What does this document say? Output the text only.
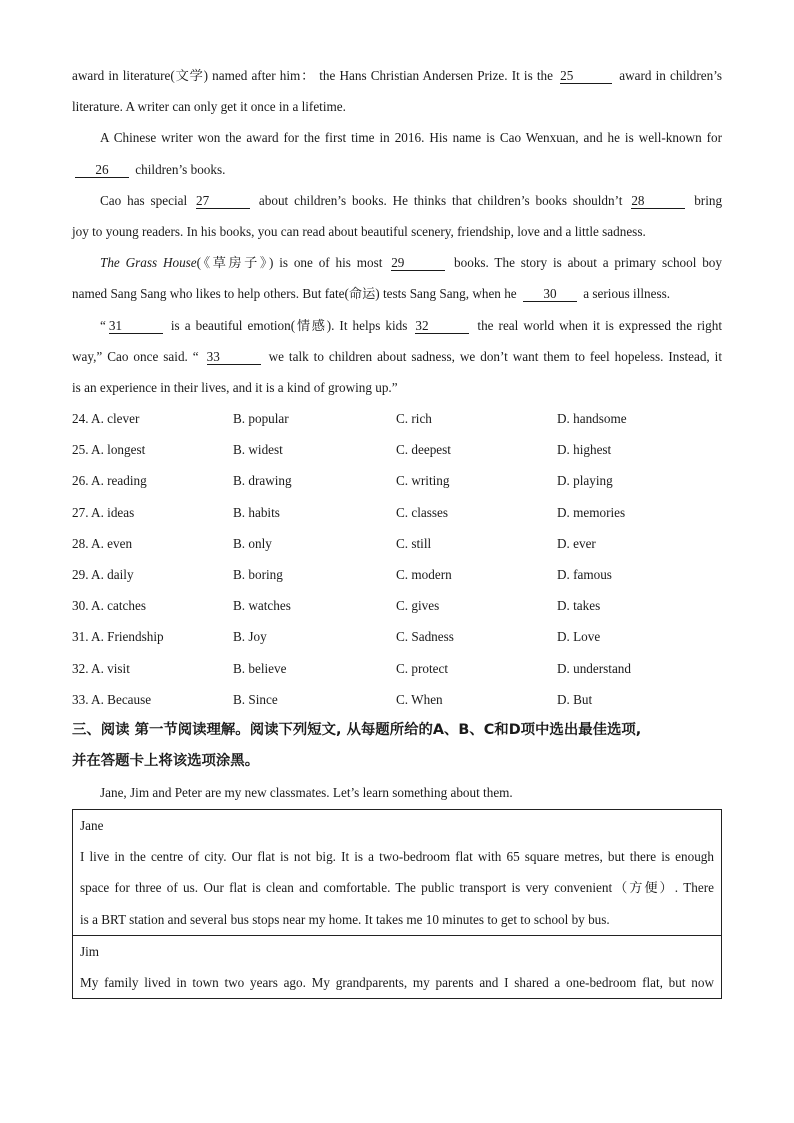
award in literature(文学) named after him： the Hans Christian Andersen Prize. It is the 25	award in children’s
literature. A writer can only get it once in a lifetime.
A Chinese writer won the award for the first time in 2016. His name is Cao Wenxuan, and he is well-known for
26 children’s books.
Cao has special 27	about children’s books. He thinks that children’s books shouldn’t 28	bring
joy to young readers. In his books, you can read about beautiful scenery, friendship, love and a little sadness.
The Grass House(《草房子》) is one of his most 29	books. The story is about a primary school boy
named Sang Sang who likes to help others. But fate(命运) tests Sang Sang, when he 30 a serious illness.
“ 31	is a beautiful emotion(情感). It helps kids 32	the real world when it is expressed the right
way,” Cao once said. “ 33	we talk to children about sadness, we don’t want them to feel hopeless. Instead, it
is an experience in their lives, and it is a kind of growing up.”
24. A. clever	B. popular	C. rich	D. handsome
25. A. longest	B. widest	C. deepest	D. highest
26. A. reading	B. drawing	C. writing	D. playing
27. A. ideas	B. habits	C. classes	D. memories
28. A. even	B. only	C. still	D. ever
29. A. daily	B. boring	C. modern	D. famous
30. A. catches	B. watches	C. gives	D. takes
31. A. Friendship	B. Joy	C. Sadness	D. Love
32. A. visit	B. believe	C. protect	D. understand
33. A. Because	B. Since	C. When	D. But
三、阅读 第一节阅读理解。阅读下列短文, 从每题所给的A、B、C和D项中选出最佳选项,
并在答题卡上将该选项涂黑。
Jane, Jim and Peter are my new classmates. Let’s learn something about them.
Jane
I live in the centre of city. Our flat is not big. It is a two-bedroom flat with 65 square metres, but there is enough
space for three of us. Our flat is clean and comfortable. The public transport is very convenient（方便）. There
is a BRT station and several bus stops near my home. It takes me 10 minutes to get to school by bus.
Jim
My family lived in town two years ago. My grandparents, my parents and I shared a one-bedroom flat, but now
